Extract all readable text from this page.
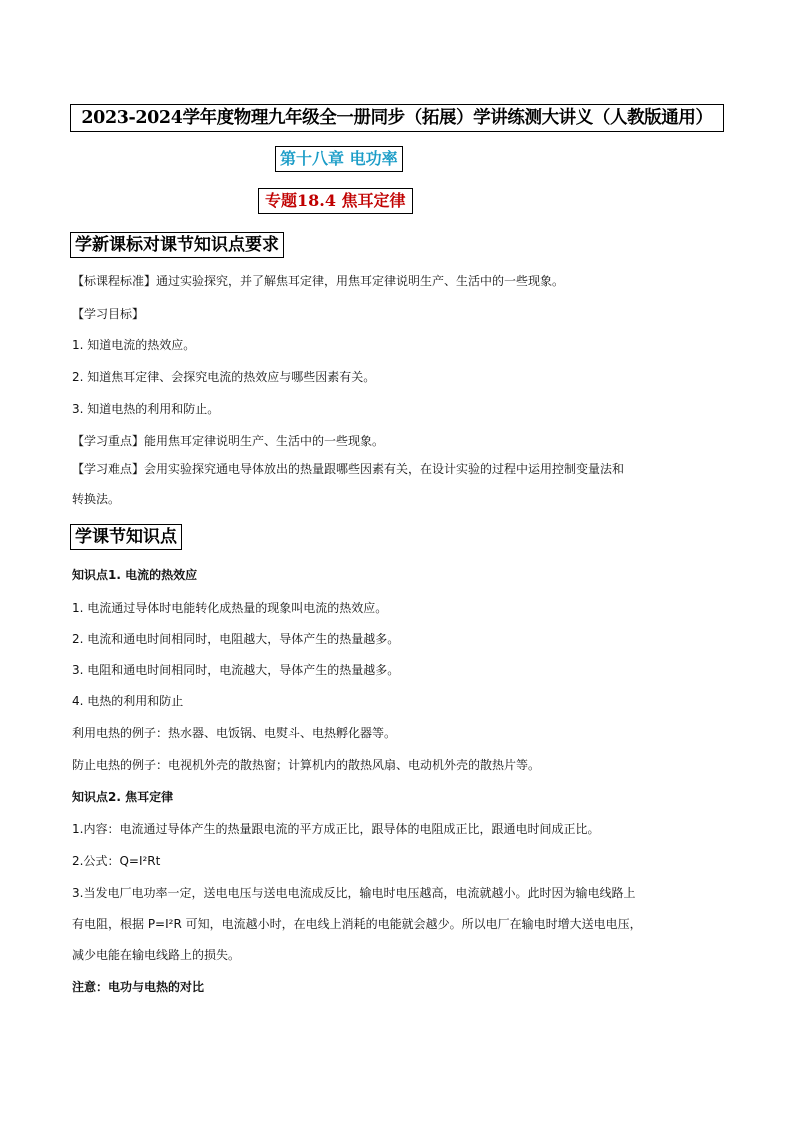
2023-2024学年度物理九年级全一册同步（拓展）学讲练测大讲义（人教版通用）
第十八章 电功率
专题18.4 焦耳定律
学新课标对课节知识点要求
【标课程标准】通过实验探究，并了解焦耳定律，用焦耳定律说明生产、生活中的一些现象。
【学习目标】
1. 知道电流的热效应。
2. 知道焦耳定律、会探究电流的热效应与哪些因素有关。
3. 知道电热的利用和防止。
【学习重点】能用焦耳定律说明生产、生活中的一些现象。
【学习难点】会用实验探究通电导体放出的热量跟哪些因素有关，在设计实验的过程中运用控制变量法和
转换法。
学课节知识点
知识点1. 电流的热效应
1. 电流通过导体时电能转化成热量的现象叫电流的热效应。
2. 电流和通电时间相同时，电阻越大，导体产生的热量越多。
3. 电阻和通电时间相同时，电流越大，导体产生的热量越多。
4. 电热的利用和防止
利用电热的例子：热水器、电饭锅、电熨斗、电热孵化器等。
防止电热的例子：电视机外壳的散热窗；计算机内的散热风扇、电动机外壳的散热片等。
知识点2. 焦耳定律
1.内容：电流通过导体产生的热量跟电流的平方成正比，跟导体的电阻成正比，跟通电时间成正比。
2.公式：Q=I²Rt
3.当发电厂电功率一定，送电电压与送电电流成反比，输电时电压越高，电流就越小。此时因为输电线路上
有电阻，根据 P=I²R 可知，电流越小时，在电线上消耗的电能就会越少。所以电厂在输电时增大送电电压，
减少电能在输电线路上的损失。
注意：电功与电热的对比
